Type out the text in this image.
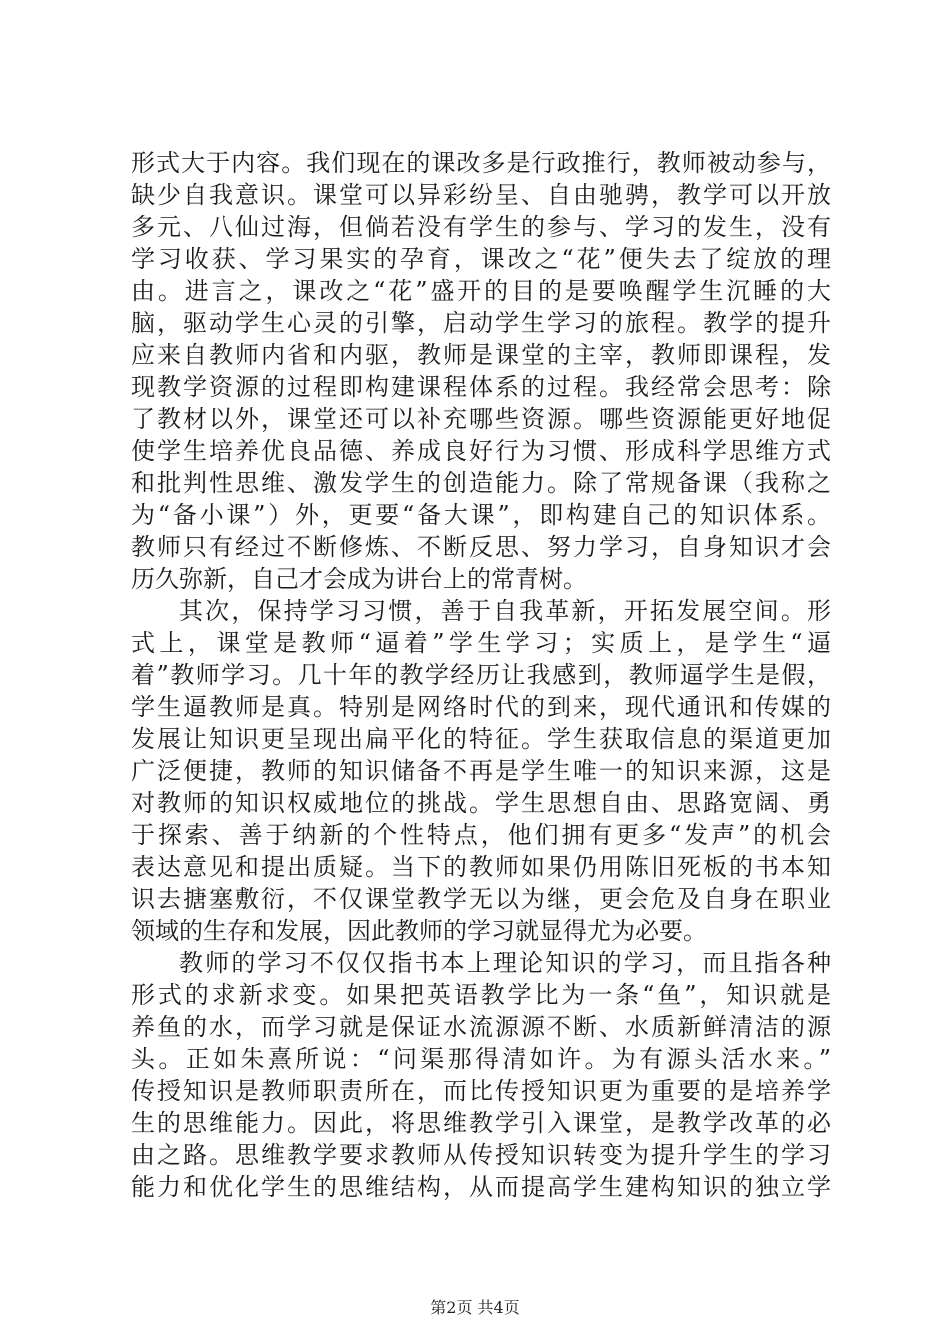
形式大于内容。我们现在的课改多是行政推行，教师被动参与，
缺少自我意识。课堂可以异彩纷呈、自由驰骋，教学可以开放
多元、八仙过海，但倘若没有学生的参与、学习的发生，没有
学习收获、学习果实的孕育，课改之“花”便失去了绽放的理
由。进言之，课改之“花”盛开的目的是要唤醒学生沉睡的大
脑，驱动学生心灵的引擎，启动学生学习的旅程。教学的提升
应来自教师内省和内驱，教师是课堂的主宰，教师即课程，发
现教学资源的过程即构建课程体系的过程。我经常会思考：除
了教材以外，课堂还可以补充哪些资源。哪些资源能更好地促
使学生培养优良品德、养成良好行为习惯、形成科学思维方式
和批判性思维、激发学生的创造能力。除了常规备课（我称之
为“备小课”）外，更要“备大课”，即构建自己的知识体系。
教师只有经过不断修炼、不断反思、努力学习，自身知识才会
历久弥新，自己才会成为讲台上的常青树。
其次，保持学习习惯，善于自我革新，开拓发展空间。形
式上，课堂是教师“逼着”学生学习；实质上，是学生“逼
着”教师学习。几十年的教学经历让我感到，教师逼学生是假，
学生逼教师是真。特别是网络时代的到来，现代通讯和传媒的
发展让知识更呈现出扁平化的特征。学生获取信息的渠道更加
广泛便捷，教师的知识储备不再是学生唯一的知识来源，这是
对教师的知识权威地位的挑战。学生思想自由、思路宽阔、勇
于探索、善于纳新的个性特点，他们拥有更多“发声”的机会
表达意见和提出质疑。当下的教师如果仍用陈旧死板的书本知
识去搪塞敷衍，不仅课堂教学无以为继，更会危及自身在职业
领域的生存和发展，因此教师的学习就显得尤为必要。
教师的学习不仅仅指书本上理论知识的学习，而且指各种
形式的求新求变。如果把英语教学比为一条“鱼”，知识就是
养鱼的水，而学习就是保证水流源源不断、水质新鲜清洁的源
头。正如朱熹所说：“问渠那得清如许。为有源头活水来。”
传授知识是教师职责所在，而比传授知识更为重要的是培养学
生的思维能力。因此，将思维教学引入课堂，是教学改革的必
由之路。思维教学要求教师从传授知识转变为提升学生的学习
能力和优化学生的思维结构，从而提高学生建构知识的独立学
第2页 共4页
